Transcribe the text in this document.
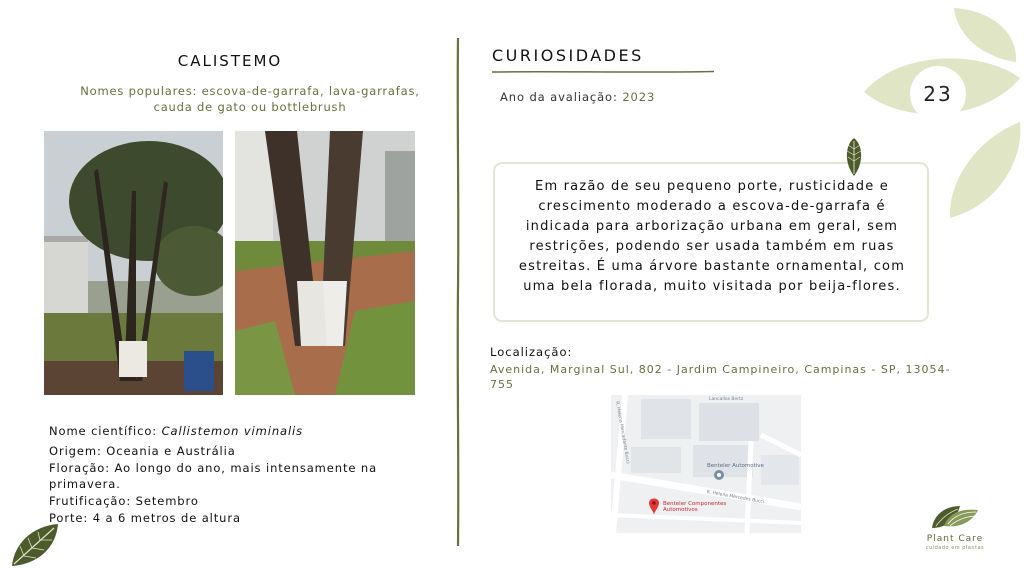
23
CALISTEMO
Nomes populares: escova-de-garrafa, lava-garrafas, cauda de gato ou bottlebrush
Nome científico: Callistemon viminalis
Origem: Oceania e Austrália
Floração: Ao longo do ano, mais intensamente na
primavera.
Frutificação: Setembro
Porte: 4 a 6 metros de altura
CURIOSIDADES
Ano da avaliação: 2023
Em razão de seu pequeno porte, rusticidade e crescimento moderado a escova-de-garrafa é indicada para arborização urbana em geral, sem restrições, podendo ser usada também em ruas estreitas. É uma árvore bastante ornamental, com uma bela florada, muito visitada por beija-flores.
Localização:
Avenida, Marginal Sul, 802 - Jardim Campineiro, Campinas - SP, 13054-755
R. Helena Mercadante Bucci
R. Helena Mercedes Bucci
Lancallos Bertz
Benteler Automotive
Benteler Componentes
Automotivos
Plant Care
cuidado em plantas
